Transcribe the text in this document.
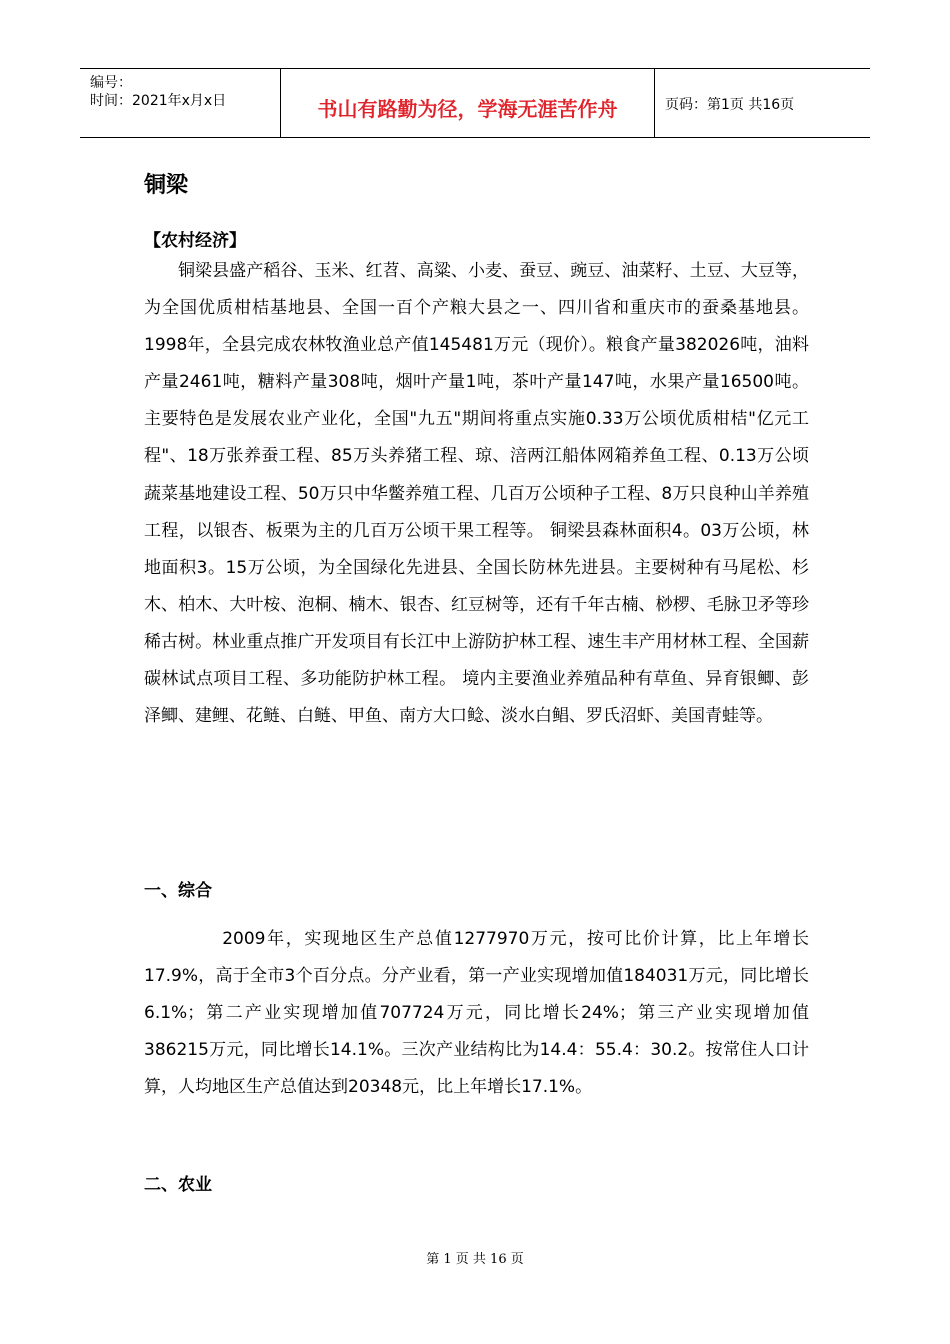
编号：
时间：2021年x月x日	书山有路勤为径，学海无涯苦作舟	页码：第1页 共16页
铜梁
【农村经济】
铜梁县盛产稻谷、玉米、红苕、高粱、小麦、蚕豆、豌豆、油菜籽、土豆、大豆等，为全国优质柑桔基地县、全国一百个产粮大县之一、四川省和重庆市的蚕桑基地县。1998年，全县完成农林牧渔业总产值145481万元（现价）。粮食产量382026吨，油料产量2461吨，糖料产量308吨，烟叶产量1吨，茶叶产量147吨，水果产量16500吨。主要特色是发展农业产业化，全国"九五"期间将重点实施0.33万公顷优质柑桔"亿元工程"、18万张养蚕工程、85万头养猪工程、琼、涪两江船体网箱养鱼工程、0.13万公顷蔬菜基地建设工程、50万只中华鳖养殖工程、几百万公顷种子工程、8万只良种山羊养殖工程，以银杏、板栗为主的几百万公顷干果工程等。 铜梁县森林面积4。03万公顷，林地面积3。15万公顷，为全国绿化先进县、全国长防林先进县。主要树种有马尾松、杉木、柏木、大叶桉、泡桐、楠木、银杏、红豆树等，还有千年古楠、桫椤、毛脉卫矛等珍稀古树。林业重点推广开发项目有长江中上游防护林工程、速生丰产用材林工程、全国薪碳林试点项目工程、多功能防护林工程。 境内主要渔业养殖品种有草鱼、异育银鲫、彭泽鲫、建鲤、花鲢、白鲢、甲鱼、南方大口鲶、淡水白鲳、罗氏沼虾、美国青蛙等。
一、综合
2009年，实现地区生产总值1277970万元，按可比价计算，比上年增长17.9%，高于全市3个百分点。分产业看，第一产业实现增加值184031万元，同比增长6.1%；第二产业实现增加值707724万元，同比增长24%；第三产业实现增加值386215万元，同比增长14.1%。三次产业结构比为14.4：55.4：30.2。按常住人口计算，人均地区生产总值达到20348元，比上年增长17.1%。
二、农业
第 1 页 共 16 页
